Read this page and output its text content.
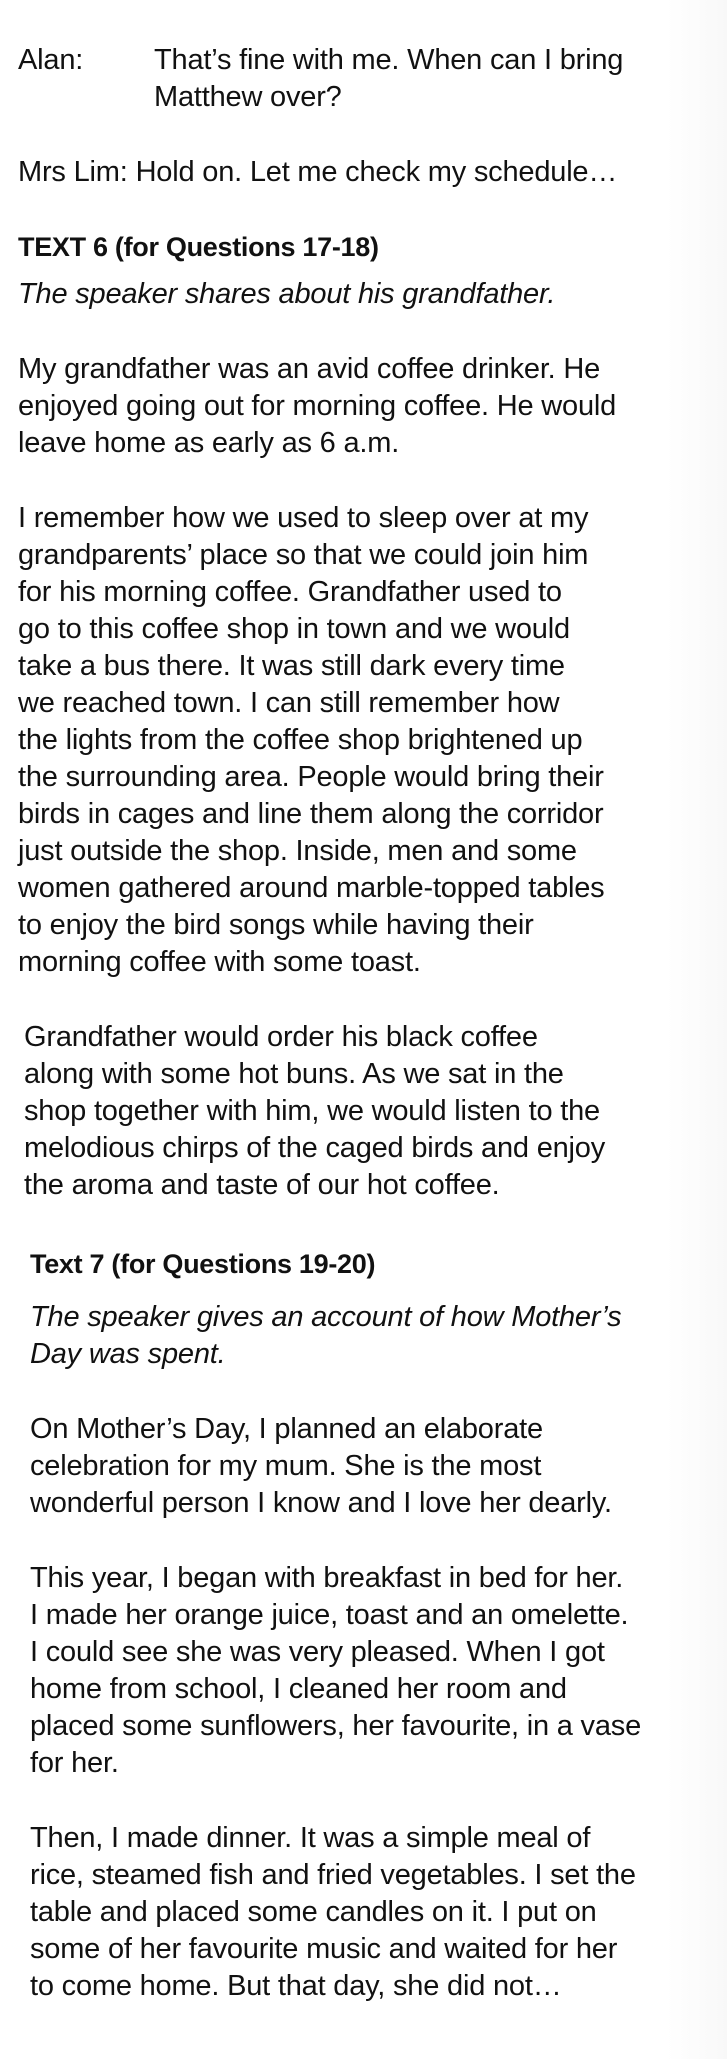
Alan:	That’s fine with me. When can I bring
Matthew over?
Mrs Lim: Hold on. Let me check my schedule…
TEXT 6 (for Questions 17-18)
The speaker shares about his grandfather.
My grandfather was an avid coffee drinker. He
enjoyed going out for morning coffee. He would
leave home as early as 6 a.m.
I remember how we used to sleep over at my
grandparents’ place so that we could join him
for his morning coffee. Grandfather used to
go to this coffee shop in town and we would
take a bus there. It was still dark every time
we reached town. I can still remember how
the lights from the coffee shop brightened up
the surrounding area. People would bring their
birds in cages and line them along the corridor
just outside the shop. Inside, men and some
women gathered around marble-topped tables
to enjoy the bird songs while having their
morning coffee with some toast.
Grandfather would order his black coffee
along with some hot buns. As we sat in the
shop together with him, we would listen to the
melodious chirps of the caged birds and enjoy
the aroma and taste of our hot coffee.
Text 7 (for Questions 19-20)
The speaker gives an account of how Mother’s
Day was spent.
On Mother’s Day, I planned an elaborate
celebration for my mum. She is the most
wonderful person I know and I love her dearly.
This year, I began with breakfast in bed for her.
I made her orange juice, toast and an omelette.
I could see she was very pleased. When I got
home from school, I cleaned her room and
placed some sunflowers, her favourite, in a vase
for her.
Then, I made dinner. It was a simple meal of
rice, steamed fish and fried vegetables. I set the
table and placed some candles on it. I put on
some of her favourite music and waited for her
to come home. But that day, she did not…
